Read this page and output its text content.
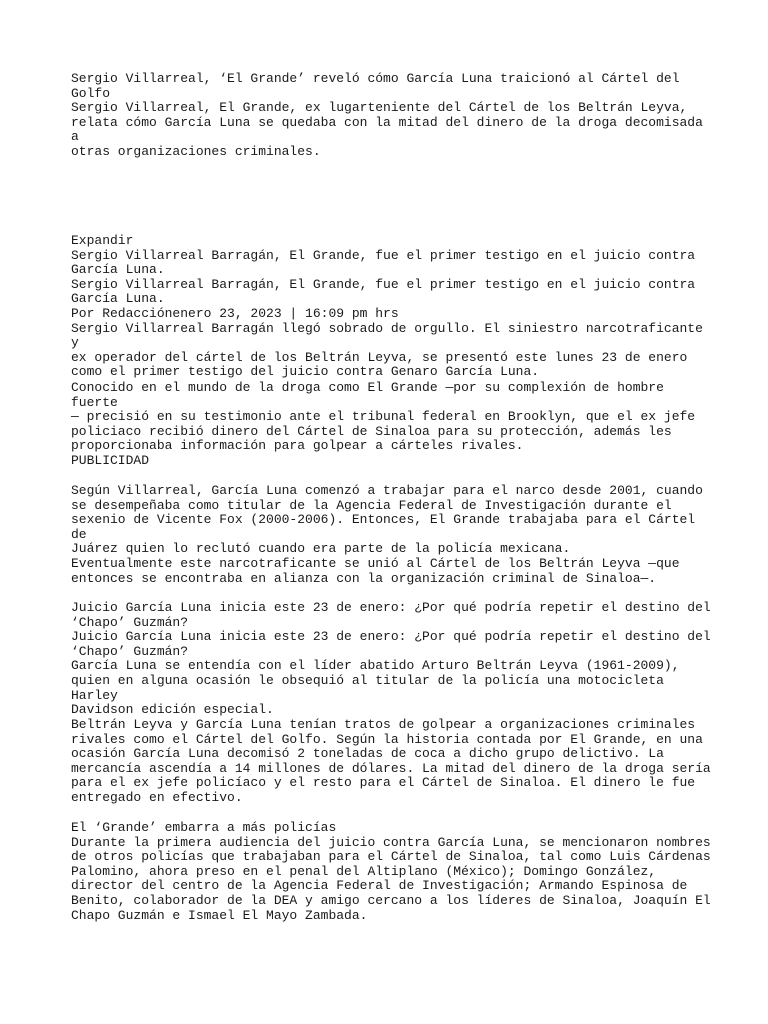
Sergio Villarreal, ‘El Grande’ reveló cómo García Luna traicionó al Cártel del
Golfo
Sergio Villarreal, El Grande, ex lugarteniente del Cártel de los Beltrán Leyva,
relata cómo García Luna se quedaba con la mitad del dinero de la droga decomisada a
otras organizaciones criminales.

Expandir
Sergio Villarreal Barragán, El Grande, fue el primer testigo en el juicio contra
García Luna.
Sergio Villarreal Barragán, El Grande, fue el primer testigo en el juicio contra
García Luna.
Por Redacciónenero 23, 2023 | 16:09 pm hrs
Sergio Villarreal Barragán llegó sobrado de orgullo. El siniestro narcotraficante y
ex operador del cártel de los Beltrán Leyva, se presentó este lunes 23 de enero
como el primer testigo del juicio contra Genaro García Luna.

Conocido en el mundo de la droga como El Grande —por su complexión de hombre fuerte
— precisió en su testimonio ante el tribunal federal en Brooklyn, que el ex jefe
policiaco recibió dinero del Cártel de Sinaloa para su protección, además les
proporcionaba información para golpear a cárteles rivales.

PUBLICIDAD

Según Villarreal, García Luna comenzó a trabajar para el narco desde 2001, cuando
se desempeñaba como titular de la Agencia Federal de Investigación durante el
sexenio de Vicente Fox (2000-2006). Entonces, El Grande trabajaba para el Cártel de
Juárez quien lo reclutó cuando era parte de la policía mexicana.

Eventualmente este narcotraficante se unió al Cártel de los Beltrán Leyva —que
entonces se encontraba en alianza con la organización criminal de Sinaloa—.

Juicio García Luna inicia este 23 de enero: ¿Por qué podría repetir el destino del
‘Chapo’ Guzmán?
Juicio García Luna inicia este 23 de enero: ¿Por qué podría repetir el destino del
‘Chapo’ Guzmán?
García Luna se entendía con el líder abatido Arturo Beltrán Leyva (1961-2009),
quien en alguna ocasión le obsequió al titular de la policía una motocicleta Harley
Davidson edición especial.

Beltrán Leyva y García Luna tenían tratos de golpear a organizaciones criminales
rivales como el Cártel del Golfo. Según la historia contada por El Grande, en una
ocasión García Luna decomisó 2 toneladas de coca a dicho grupo delictivo. La
mercancía ascendía a 14 millones de dólares. La mitad del dinero de la droga sería
para el ex jefe policíaco y el resto para el Cártel de Sinaloa. El dinero le fue
entregado en efectivo.

El ‘Grande’ embarra a más policías
Durante la primera audiencia del juicio contra García Luna, se mencionaron nombres
de otros policías que trabajaban para el Cártel de Sinaloa, tal como Luis Cárdenas
Palomino, ahora preso en el penal del Altiplano (México); Domingo González,
director del centro de la Agencia Federal de Investigación; Armando Espinosa de
Benito, colaborador de la DEA y amigo cercano a los líderes de Sinaloa, Joaquín El
Chapo Guzmán e Ismael El Mayo Zambada.
